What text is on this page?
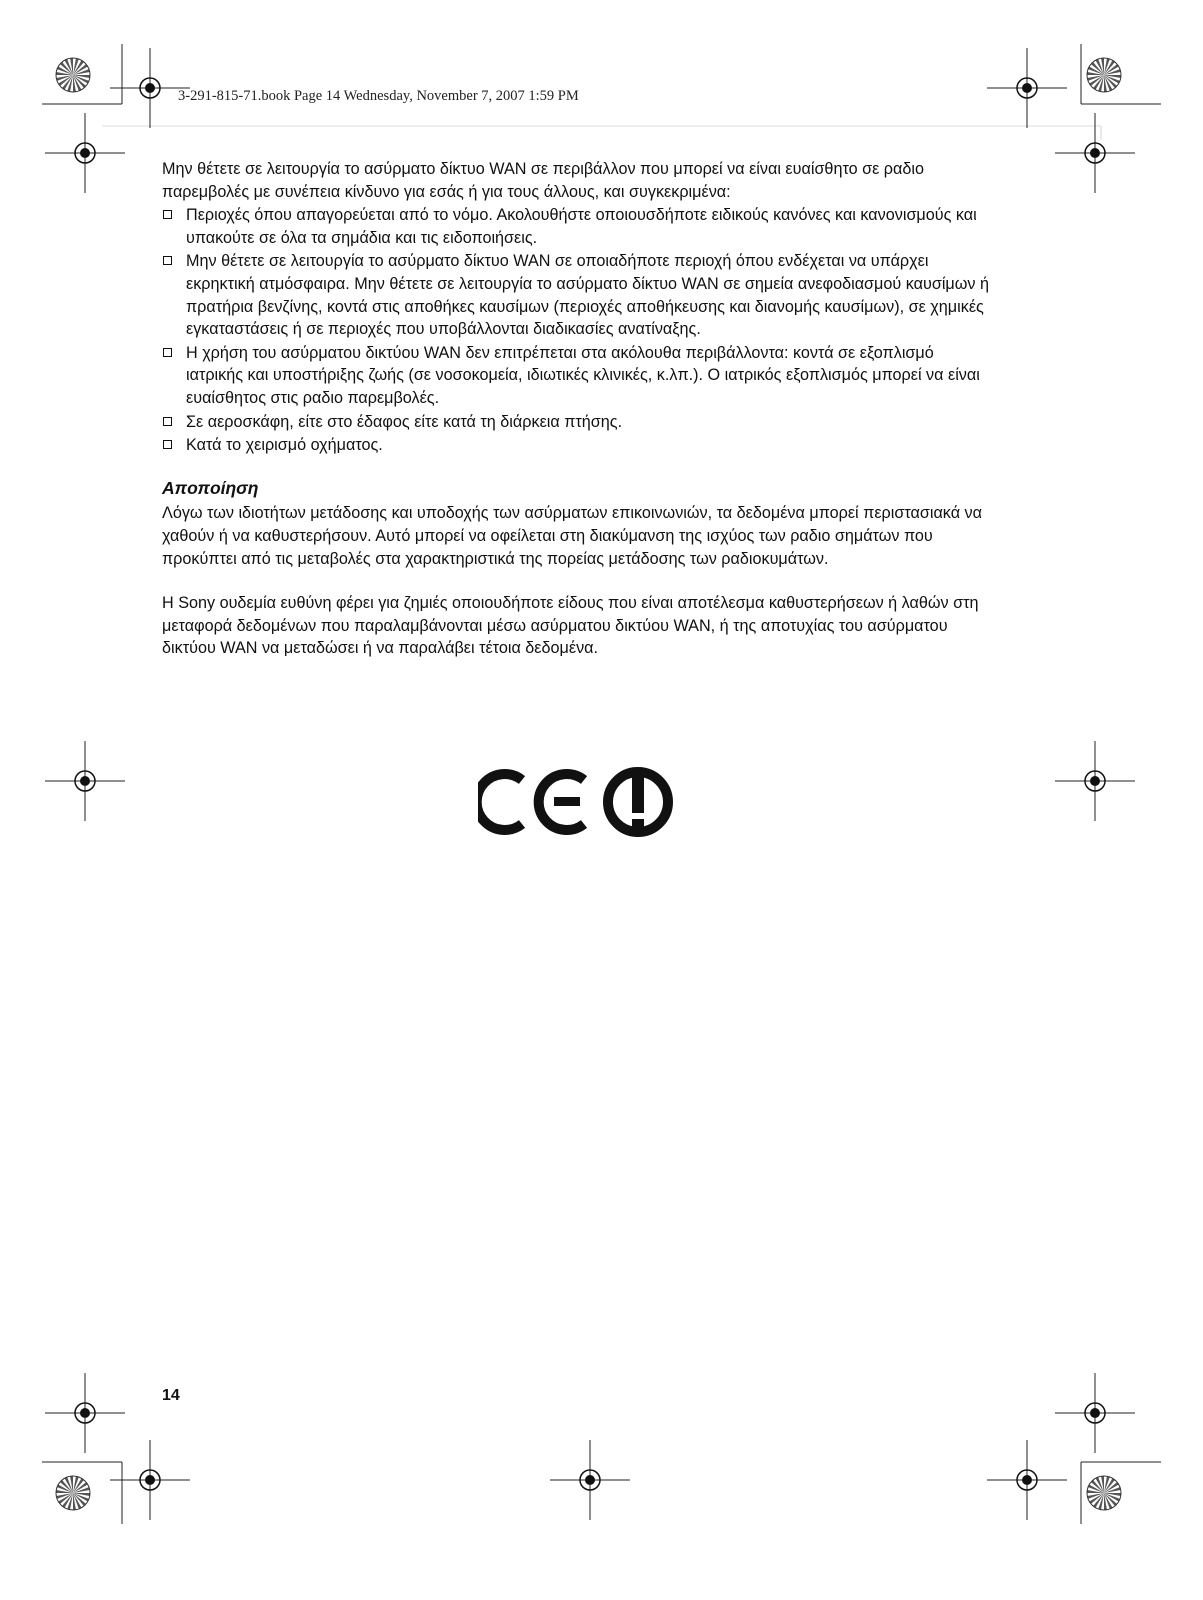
3-291-815-71.book Page 14 Wednesday, November 7, 2007 1:59 PM

Μην θέτετε σε λειτουργία το ασύρματο δίκτυο WAN σε περιβάλλον που μπορεί να είναι ευαίσθητο σε ραδιο παρεμβολές με συνέπεια κίνδυνο για εσάς ή για τους άλλους, και συγκεκριμένα:

Περιοχές όπου απαγορεύεται από το νόμο. Ακολουθήστε οποιουσδήποτε ειδικούς κανόνες και κανονισμούς και υπακούτε σε όλα τα σημάδια και τις ειδοποιήσεις.
Μην θέτετε σε λειτουργία το ασύρματο δίκτυο WAN σε οποιαδήποτε περιοχή όπου ενδέχεται να υπάρχει εκρηκτική ατμόσφαιρα. Μην θέτετε σε λειτουργία το ασύρματο δίκτυο WAN σε σημεία ανεφοδιασμού καυσίμων ή πρατήρια βενζίνης, κοντά στις αποθήκες καυσίμων (περιοχές αποθήκευσης και διανομής καυσίμων), σε χημικές εγκαταστάσεις ή σε περιοχές που υποβάλλονται διαδικασίες ανατίναξης.
Η χρήση του ασύρματου δικτύου WAN δεν επιτρέπεται στα ακόλουθα περιβάλλοντα: κοντά σε εξοπλισμό ιατρικής και υποστήριξης ζωής (σε νοσοκομεία, ιδιωτικές κλινικές, κ.λπ.). Ο ιατρικός εξοπλισμός μπορεί να είναι ευαίσθητος στις ραδιο παρεμβολές.
Σε αεροσκάφη, είτε στο έδαφος είτε κατά τη διάρκεια πτήσης.
Κατά το χειρισμό οχήματος.
Αποποίηση

Λόγω των ιδιοτήτων μετάδοσης και υποδοχής των ασύρματων επικοινωνιών, τα δεδομένα μπορεί περιστασιακά να χαθούν ή να καθυστερήσουν. Αυτό μπορεί να οφείλεται στη διακύμανση της ισχύος των ραδιο σημάτων που προκύπτει από τις μεταβολές στα χαρακτηριστικά της πορείας μετάδοσης των ραδιοκυμάτων.

Η Sony ουδεμία ευθύνη φέρει για ζημιές οποιουδήποτε είδους που είναι αποτέλεσμα καθυστερήσεων ή λαθών στη μεταφορά δεδομένων που παραλαμβάνονται μέσω ασύρματου δικτύου WAN, ή της αποτυχίας του ασύρματου δικτύου WAN να μεταδώσει ή να παραλάβει τέτοια δεδομένα.

14
